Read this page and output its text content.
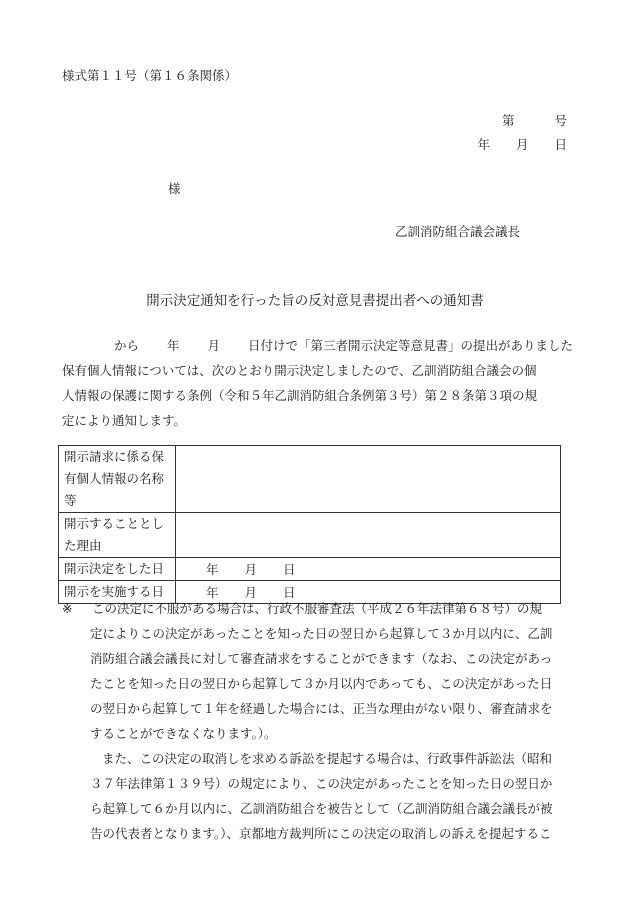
様式第１１号（第１６条関係）
第	号
年 月 日
様
乙訓消防組合議会議長
開示決定通知を行った旨の反対意見書提出者への通知書
から 年 月 日付けで「第三者開示決定等意見書」の提出がありました
保有個人情報については、次のとおり開示決定しましたので、乙訓消防組合議会の個
人情報の保護に関する条例（令和５年乙訓消防組合条例第３号）第２８条第３項の規
定により通知します。
開示請求に係る保
有個人情報の名称
等	

開示することとし
た理由	

開示決定をした日	年 月 日

開示を実施する日	年 月 日
※ この決定に不服がある場合は、行政不服審査法（平成２６年法律第６８号）の規
定によりこの決定があったことを知った日の翌日から起算して３か月以内に、乙訓
消防組合議会議長に対して審査請求をすることができます（なお、この決定があっ
たことを知った日の翌日から起算して３か月以内であっても、この決定があった日
の翌日から起算して１年を経過した場合には、正当な理由がない限り、審査請求を
することができなくなります。）。
また、この決定の取消しを求める訴訟を提起する場合は、行政事件訴訟法（昭和
３７年法律第１３９号）の規定により、この決定があったことを知った日の翌日か
ら起算して６か月以内に、乙訓消防組合を被告として（乙訓消防組合議会議長が被
告の代表者となります。）、京都地方裁判所にこの決定の取消しの訴えを提起するこ
